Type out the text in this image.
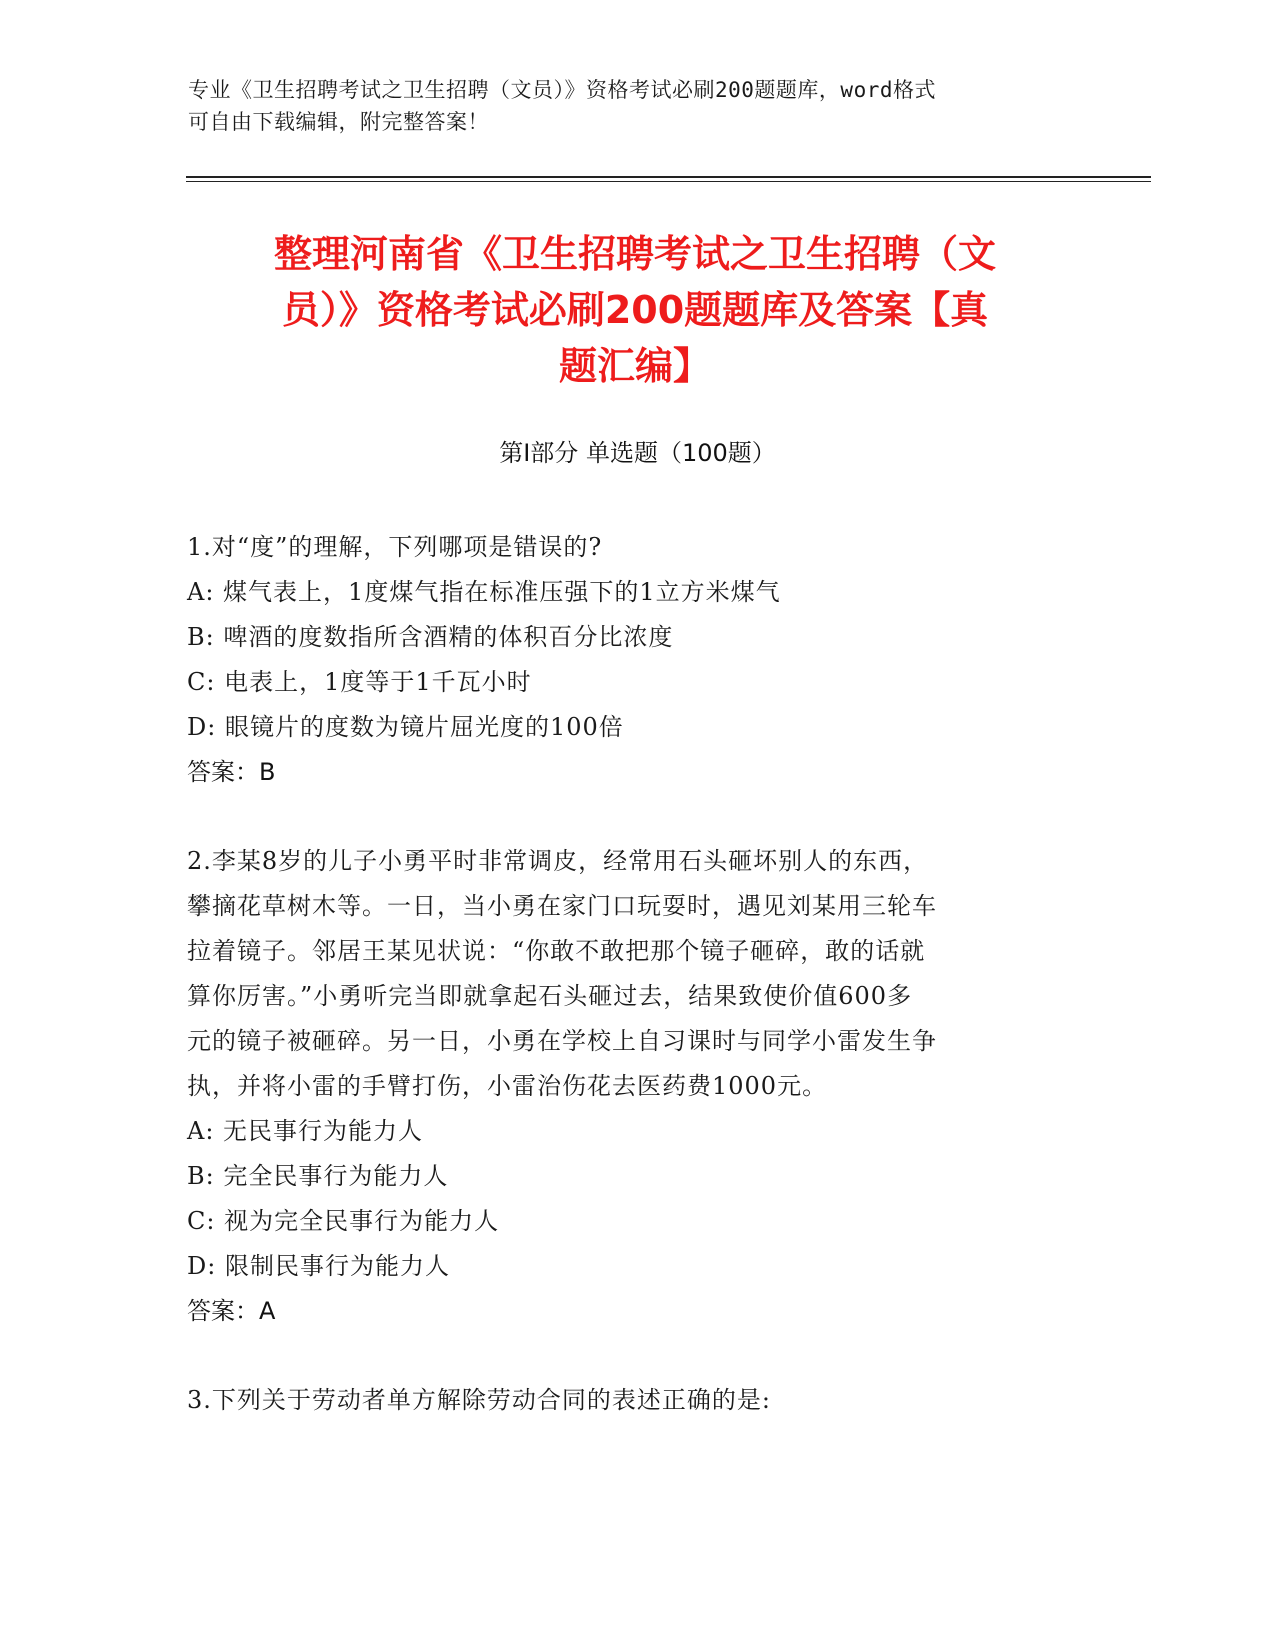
专业《卫生招聘考试之卫生招聘（文员）》资格考试必刷200题题库，word格式
可自由下载编辑，附完整答案！
整理河南省《卫生招聘考试之卫生招聘（文
员）》资格考试必刷200题题库及答案【真
题汇编】
第Ⅰ部分 单选题（100题）
1.对“度”的理解，下列哪项是错误的?
A: 煤气表上，1度煤气指在标准压强下的1立方米煤气
B: 啤酒的度数指所含酒精的体积百分比浓度
C: 电表上，1度等于1千瓦小时
D: 眼镜片的度数为镜片屈光度的100倍
答案：B
2.李某8岁的儿子小勇平时非常调皮，经常用石头砸坏别人的东西，
攀摘花草树木等。一日，当小勇在家门口玩耍时，遇见刘某用三轮车
拉着镜子。邻居王某见状说：“你敢不敢把那个镜子砸碎，敢的话就
算你厉害。”小勇听完当即就拿起石头砸过去，结果致使价值600多
元的镜子被砸碎。另一日，小勇在学校上自习课时与同学小雷发生争
执，并将小雷的手臂打伤，小雷治伤花去医药费1000元。
A: 无民事行为能力人
B: 完全民事行为能力人
C: 视为完全民事行为能力人
D: 限制民事行为能力人
答案：A
3.下列关于劳动者单方解除劳动合同的表述正确的是:
